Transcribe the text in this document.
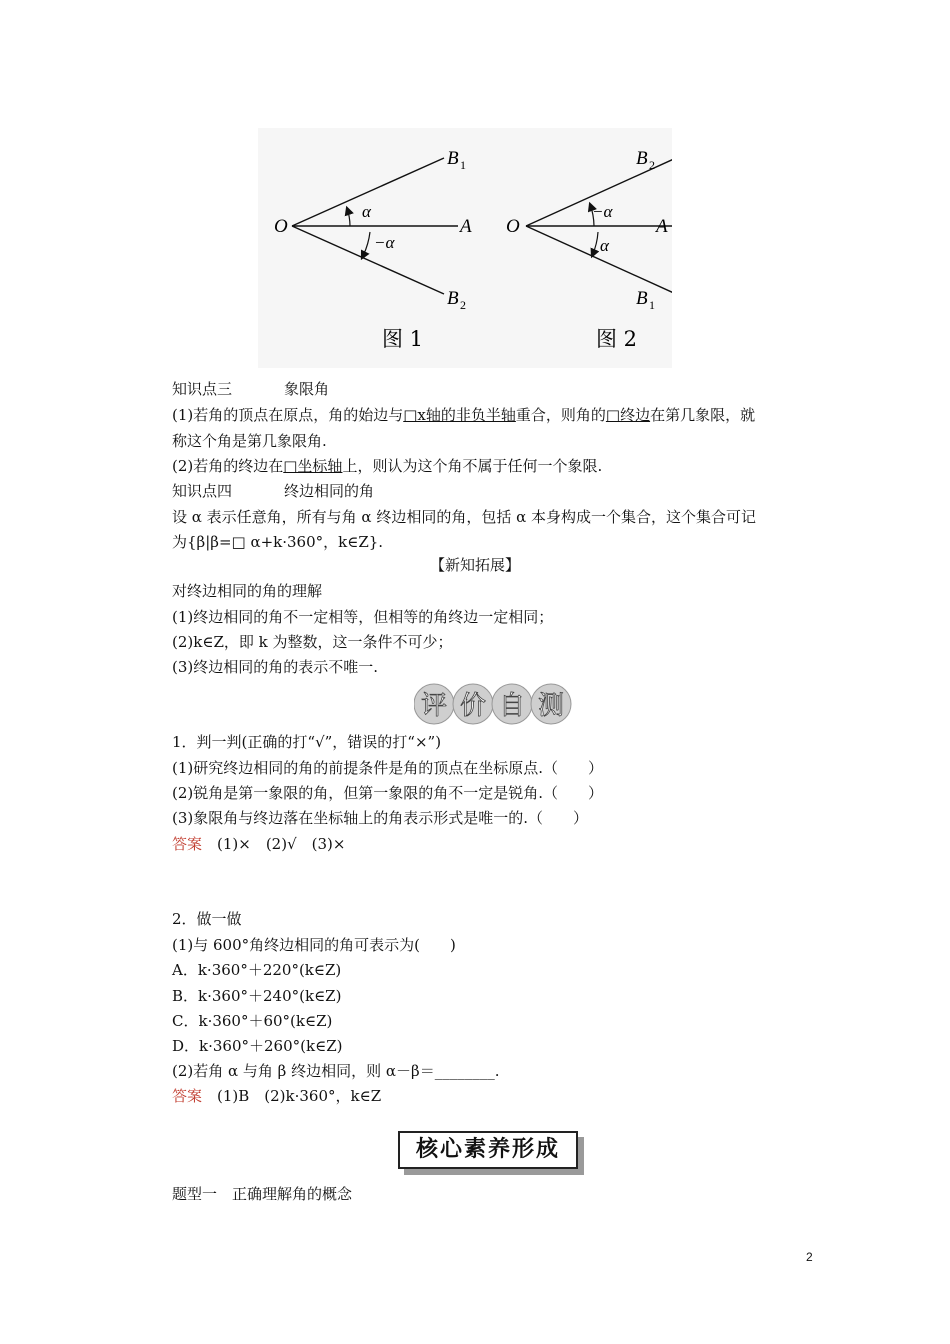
O	A
B 1
B 2
α
−α
图 1
O	A
B 2
B 1
−α
α
图 2
知识点三	象限角
(1)若角的顶点在原点，角的始边与□x轴的非负半轴重合，则角的□终边在第几象限，就
称这个角是第几象限角.
(2)若角的终边在□坐标轴上，则认为这个角不属于任何一个象限.
知识点四	终边相同的角
设 α 表示任意角，所有与角 α 终边相同的角，包括 α 本身构成一个集合，这个集合可记
为{β|β=□ α+k·360°，k∈Z}.
【新知拓展】
对终边相同的角的理解
(1)终边相同的角不一定相等，但相等的角终边一定相同；
(2)k∈Z，即 k 为整数，这一条件不可少；
(3)终边相同的角的表示不唯一.
评 价 自 测
1．判一判(正确的打“√”，错误的打“×”)
(1)研究终边相同的角的前提条件是角的顶点在坐标原点.（　　）
(2)锐角是第一象限的角，但第一象限的角不一定是锐角.（　　）
(3)象限角与终边落在坐标轴上的角表示形式是唯一的.（　　）
答案　(1)×　(2)√　(3)×
2．做一做
(1)与 600°角终边相同的角可表示为(　　)
A．k·360°＋220°(k∈Z)
B．k·360°＋240°(k∈Z)
C．k·360°＋60°(k∈Z)
D．k·360°＋260°(k∈Z)
(2)若角 α 与角 β 终边相同，则 α－β＝________.
答案　(1)B　(2)k·360°，k∈Z
核心素养形成
题型一　正确理解角的概念
2
